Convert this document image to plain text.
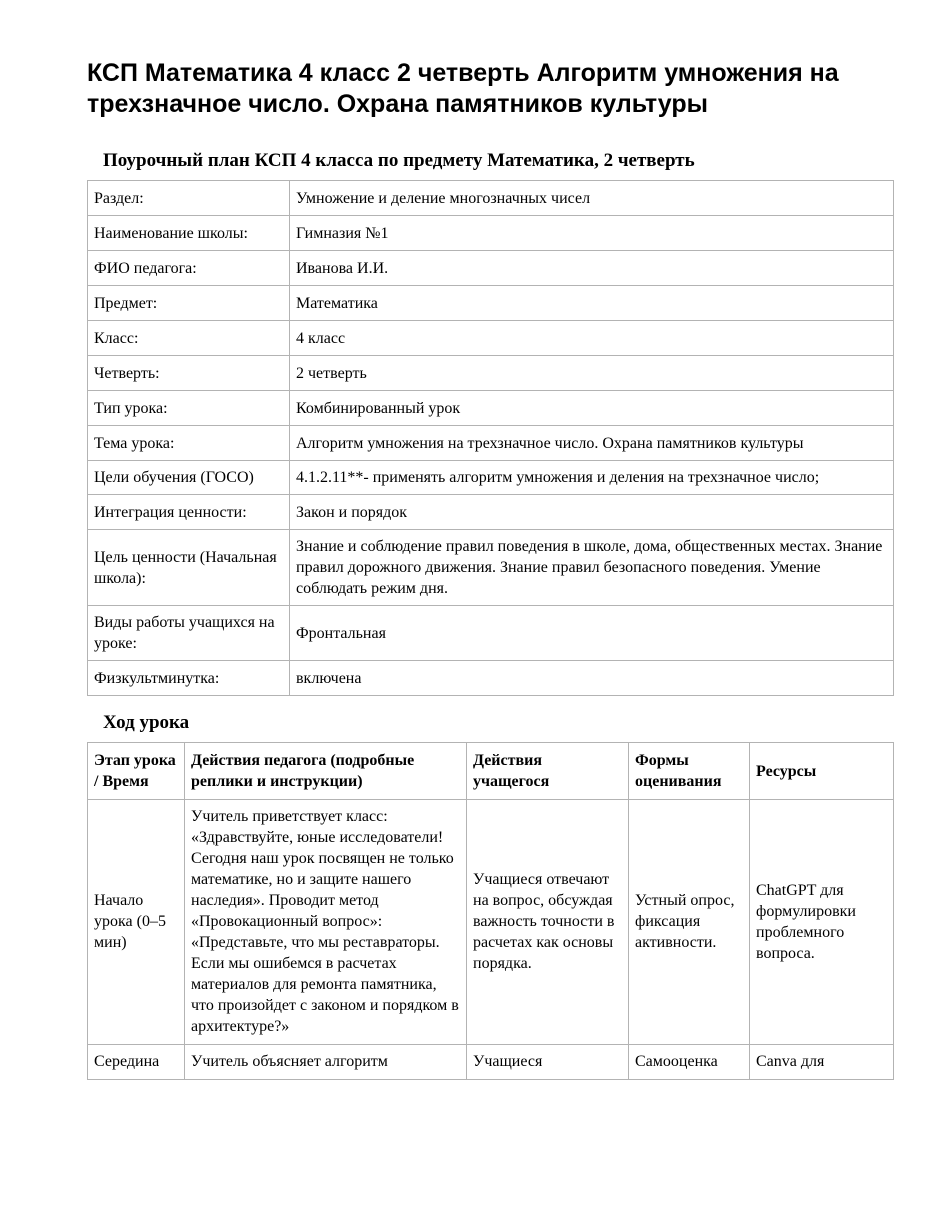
КСП Математика 4 класс 2 четверть Алгоритм умножения на трехзначное число. Охрана памятников культуры
Поурочный план КСП 4 класса по предмету Математика, 2 четверть
Раздел:	Умножение и деление многозначных чисел
Наименование школы:	Гимназия №1
ФИО педагога:	Иванова И.И.
Предмет:	Математика
Класс:	4 класс
Четверть:	2 четверть
Тип урока:	Комбинированный урок
Тема урока:	Алгоритм умножения на трехзначное число. Охрана памятников культуры
Цели обучения (ГОСО)	4.1.2.11**- применять алгоритм умножения и деления на трехзначное число;
Интеграция ценности:	Закон и порядок
Цель ценности (Начальная школа):	Знание и соблюдение правил поведения в школе, дома, общественных местах. Знание правил дорожного движения. Знание правил безопасного поведения. Умение соблюдать режим дня.
Виды работы учащихся на уроке:	Фронтальная
Физкультминутка:	включена
Ход урока
Этап урока / Время	Действия педагога (подробные реплики и инструкции)	Действия учащегося	Формы оценивания	Ресурсы
Начало урока (0–5 мин)	Учитель приветствует класс: «Здравствуйте, юные исследователи! Сегодня наш урок посвящен не только математике, но и защите нашего наследия». Проводит метод «Провокационный вопрос»: «Представьте, что мы реставраторы. Если мы ошибемся в расчетах материалов для ремонта памятника, что произойдет с законом и порядком в архитектуре?»	Учащиеся отвечают на вопрос, обсуждая важность точности в расчетах как основы порядка.	Устный опрос, фиксация активности.	ChatGPT для формулировки проблемного вопроса.
Середина	Учитель объясняет алгоритм	Учащиеся	Самооценка	Canva для
